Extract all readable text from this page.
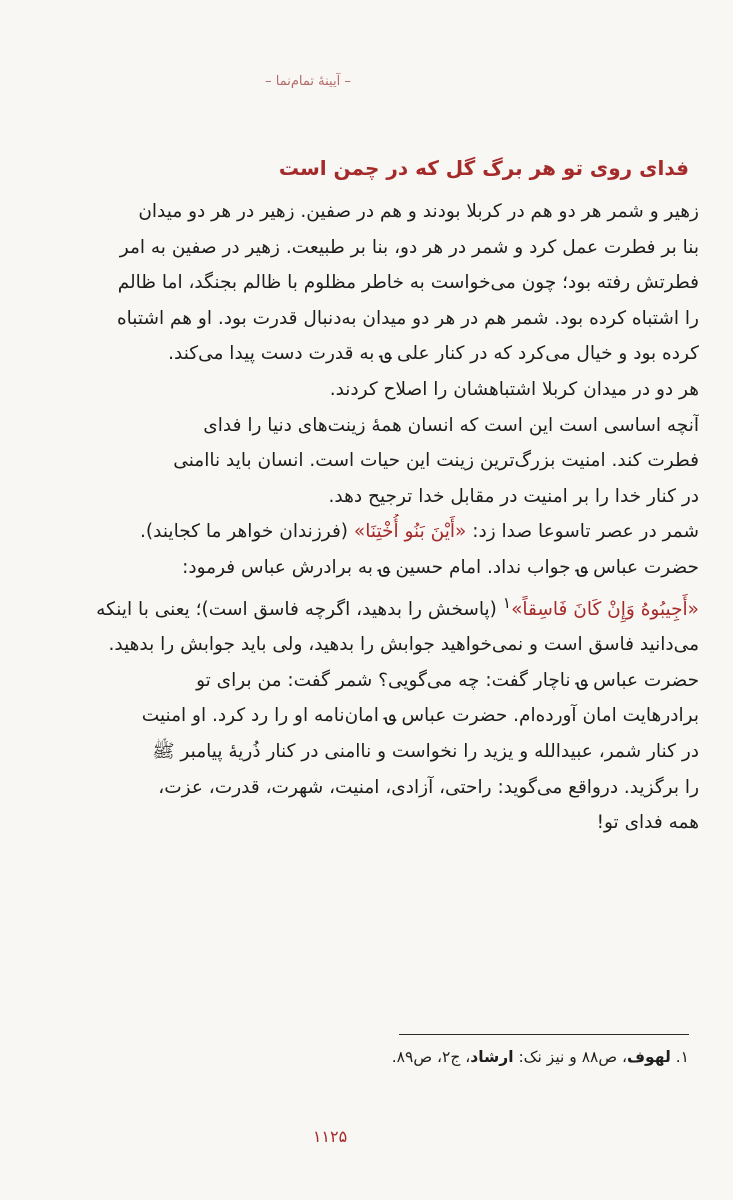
– آیینهٔ تمام‌نما –
فدای روی تو هر برگ گل که در چمن است

زهیر و شمر هر دو هم در کربلا بودند و هم در صفین. زهیر در هر دو میدان
بنا بر فطرت عمل کرد و شمر در هر دو، بنا بر طبیعت. زهیر در صفین به امر
فطرتش رفته بود؛ چون می‌خواست به خاطر مظلوم با ظالم بجنگد، اما ظالم
را اشتباه کرده بود. شمر هم در هر دو میدان به‌دنبال قدرت بود. او هم اشتباه
کرده بود و خیال می‌کرد که در کنار علی ؈ به قدرت دست پیدا می‌کند.
هر دو در میدان کربلا اشتباهشان را اصلاح کردند.

آنچه اساسی است این است که انسان همهٔ زینت‌های دنیا را فدای
فطرت کند. امنیت بزرگ‌ترین زینت این حیات است. انسان باید ناامنی
در کنار خدا را بر امنیت در مقابل خدا ترجیح دهد.

شمر در عصر تاسوعا صدا زد: «أَیْنَ بَنُو أُخْتِنَا» (فرزندان خواهر ما کجایند).
حضرت عباس ؈ جواب نداد. امام حسین ؈ به برادرش عباس فرمود:
«أَجِیبُوهُ وَإِنْ کَانَ فَاسِقاً»$^۱$ (پاسخش را بدهید، اگرچه فاسق است)؛ یعنی با اینکه
می‌دانید فاسق است و نمی‌خواهید جوابش را بدهید، ولی باید جوابش را بدهید.

حضرت عباس ؈ ناچار گفت: چه می‌گویی؟ شمر گفت: من برای تو
برادرهایت امان آورده‌ام. حضرت عباس ؈ امان‌نامه او را رد کرد. او امنیت
در کنار شمر، عبیدالله و یزید را نخواست و ناامنی در کنار ذُریهٔ پیامبر ﷺ
را برگزید. درواقع می‌گوید: راحتی، آزادی، امنیت، شهرت، قدرت، عزت،
همه فدای تو!

۱. لهوف، ص۸۸ و نیز نک: ارشاد، ج۲، ص۸۹.
۱۱۲۵
